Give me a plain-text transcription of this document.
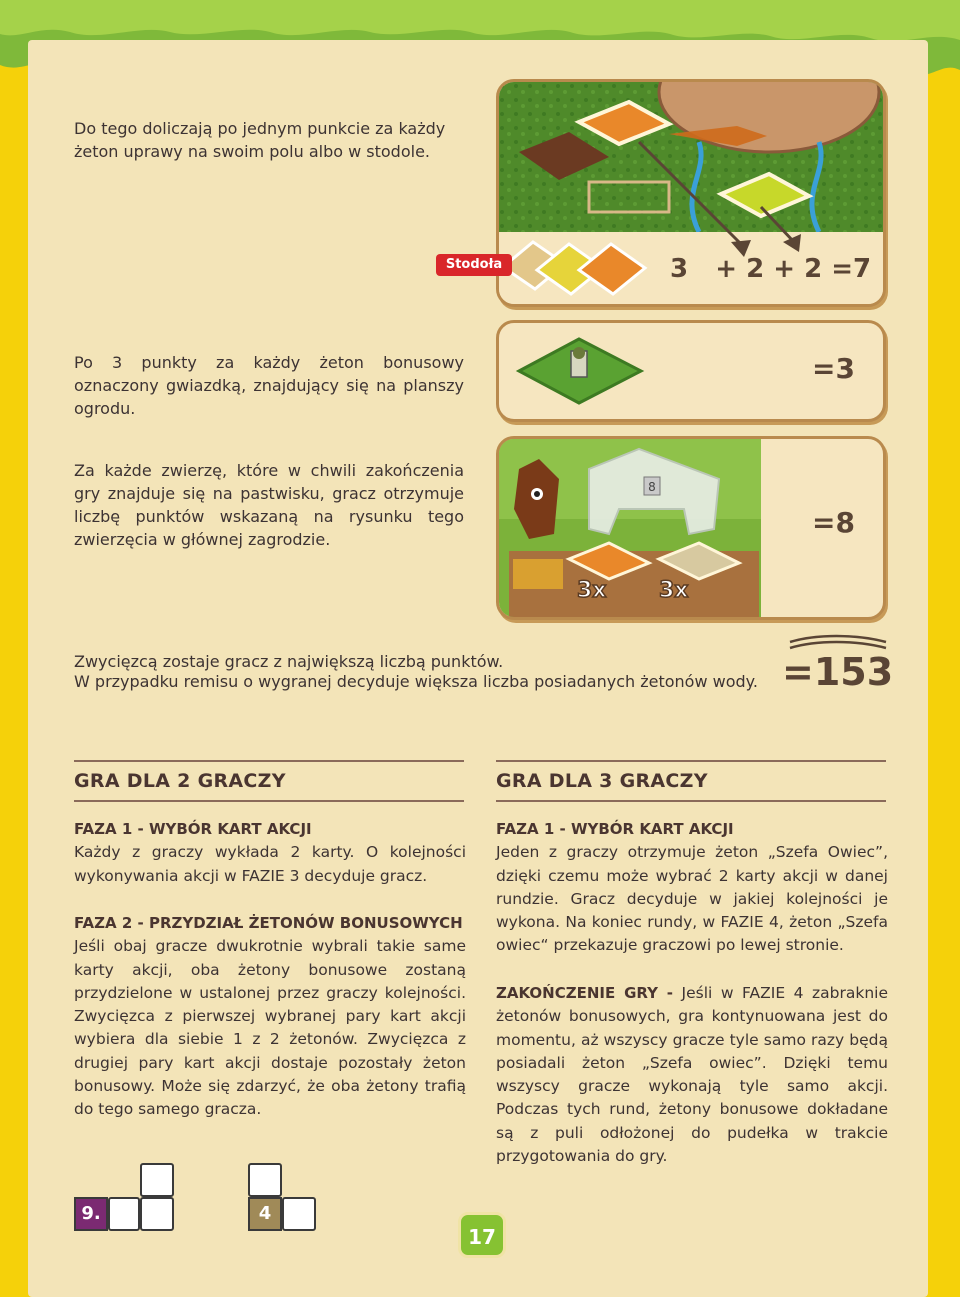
Do tego doliczają po jednym punkcie za każdy żeton uprawy na swoim polu albo w stodole.
Po 3 punkty za każdy żeton bonusowy oznaczony gwiazdką, znajdujący się na planszy ogrodu.
Za każde zwierzę, które w chwili zakończenia gry znajduje się na pastwisku, gracz otrzymuje liczbę punktów wskazaną na rysunku tego zwierzęcia w głównej zagrodzie.
Stodoła	3   + 2 + 2 =7
=3
8
3x 3x
=8
Zwycięzcą zostaje gracz z największą liczbą punktów.
W przypadku remisu o wygranej decyduje większa liczba posiadanych żetonów wody. =153
GRA DLA 2 GRACZY
FAZA 1 - WYBÓR KART AKCJI
Każdy z graczy wykłada 2 karty. O kolejności wykonywania akcji w FAZIE 3 decyduje gracz.
FAZA 2 - PRZYDZIAŁ ŻETONÓW BONUSOWYCH
Jeśli obaj gracze dwukrotnie wybrali takie same karty akcji, oba żetony bonusowe zostaną przydzielone w ustalonej przez graczy kolejności. Zwycięzca z pierwszej wybranej pary kart akcji wybiera dla siebie 1 z 2 żetonów. Zwycięzca z drugiej pary kart akcji dostaje pozostały żeton bonusowy. Może się zdarzyć, że oba żetony trafią do tego samego gracza.
GRA DLA 3 GRACZY
FAZA 1 - WYBÓR KART AKCJI
Jeden z graczy otrzymuje żeton „Szefa Owiec”, dzięki czemu może wybrać 2 karty akcji w danej rundzie. Gracz decyduje w jakiej kolejności je wykona. Na koniec rundy, w FAZIE 4, żeton „Szefa owiec“ przekazuje graczowi po lewej stronie.
ZAKOŃCZENIE GRY - Jeśli w FAZIE 4 zabraknie żetonów bonusowych, gra kontynuowana jest do momentu, aż wszyscy gracze tyle samo razy będą posiadali żeton „Szefa owiec”. Dzięki temu wszyscy gracze wykonają tyle samo akcji. Podczas tych rund, żetony bonusowe dokładane są z puli odłożonej do pudełka w trakcie przygotowania do gry.
9.	4
17
